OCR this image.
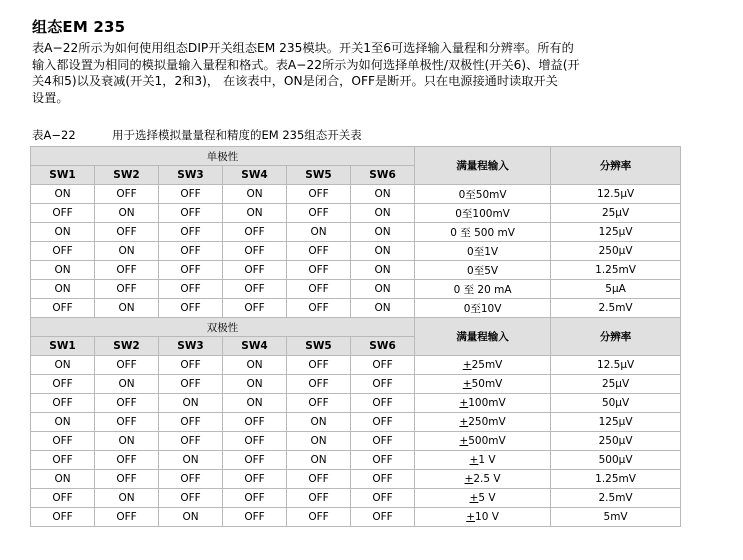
组态EM 235
表A−22所示为如何使用组态DIP开关组态EM 235模块。开关1至6可选择输入量程和分辨率。所有的
输入都设置为相同的模拟量输入量程和格式。表A−22所示为如何选择单极性/双极性(开关6)、增益(开
关4和5)以及衰减(开关1，2和3)， 在该表中，ON是闭合，OFF是断开。只在电源接通时读取开关
设置。
表A−22	用于选择模拟量量程和精度的EM 235组态开关表
单极性						满量程输入	分辨率
SW1	SW2	SW3	SW4	SW5	SW6		
ON	OFF	OFF	ON	OFF	ON	0至50mV	12.5μV
OFF	ON	OFF	ON	OFF	ON	0至100mV	25μV
ON	OFF	OFF	OFF	ON	ON	0 至 500 mV	125μV
OFF	ON	OFF	OFF	OFF	ON	0至1V	250μV
ON	OFF	OFF	OFF	OFF	ON	0至5V	1.25mV
ON	OFF	OFF	OFF	OFF	ON	0 至 20 mA	5μA
OFF	ON	OFF	OFF	OFF	ON	0至10V	2.5mV
双极性						满量程输入	分辨率
SW1	SW2	SW3	SW4	SW5	SW6		
ON	OFF	OFF	ON	OFF	OFF	+25mV	12.5μV
OFF	ON	OFF	ON	OFF	OFF	+50mV	25μV
OFF	OFF	ON	ON	OFF	OFF	+100mV	50μV
ON	OFF	OFF	OFF	ON	OFF	+250mV	125μV
OFF	ON	OFF	OFF	ON	OFF	+500mV	250μV
OFF	OFF	ON	OFF	ON	OFF	+1 V	500μV
ON	OFF	OFF	OFF	OFF	OFF	+2.5 V	1.25mV
OFF	ON	OFF	OFF	OFF	OFF	+5 V	2.5mV
OFF	OFF	ON	OFF	OFF	OFF	+10 V	5mV
